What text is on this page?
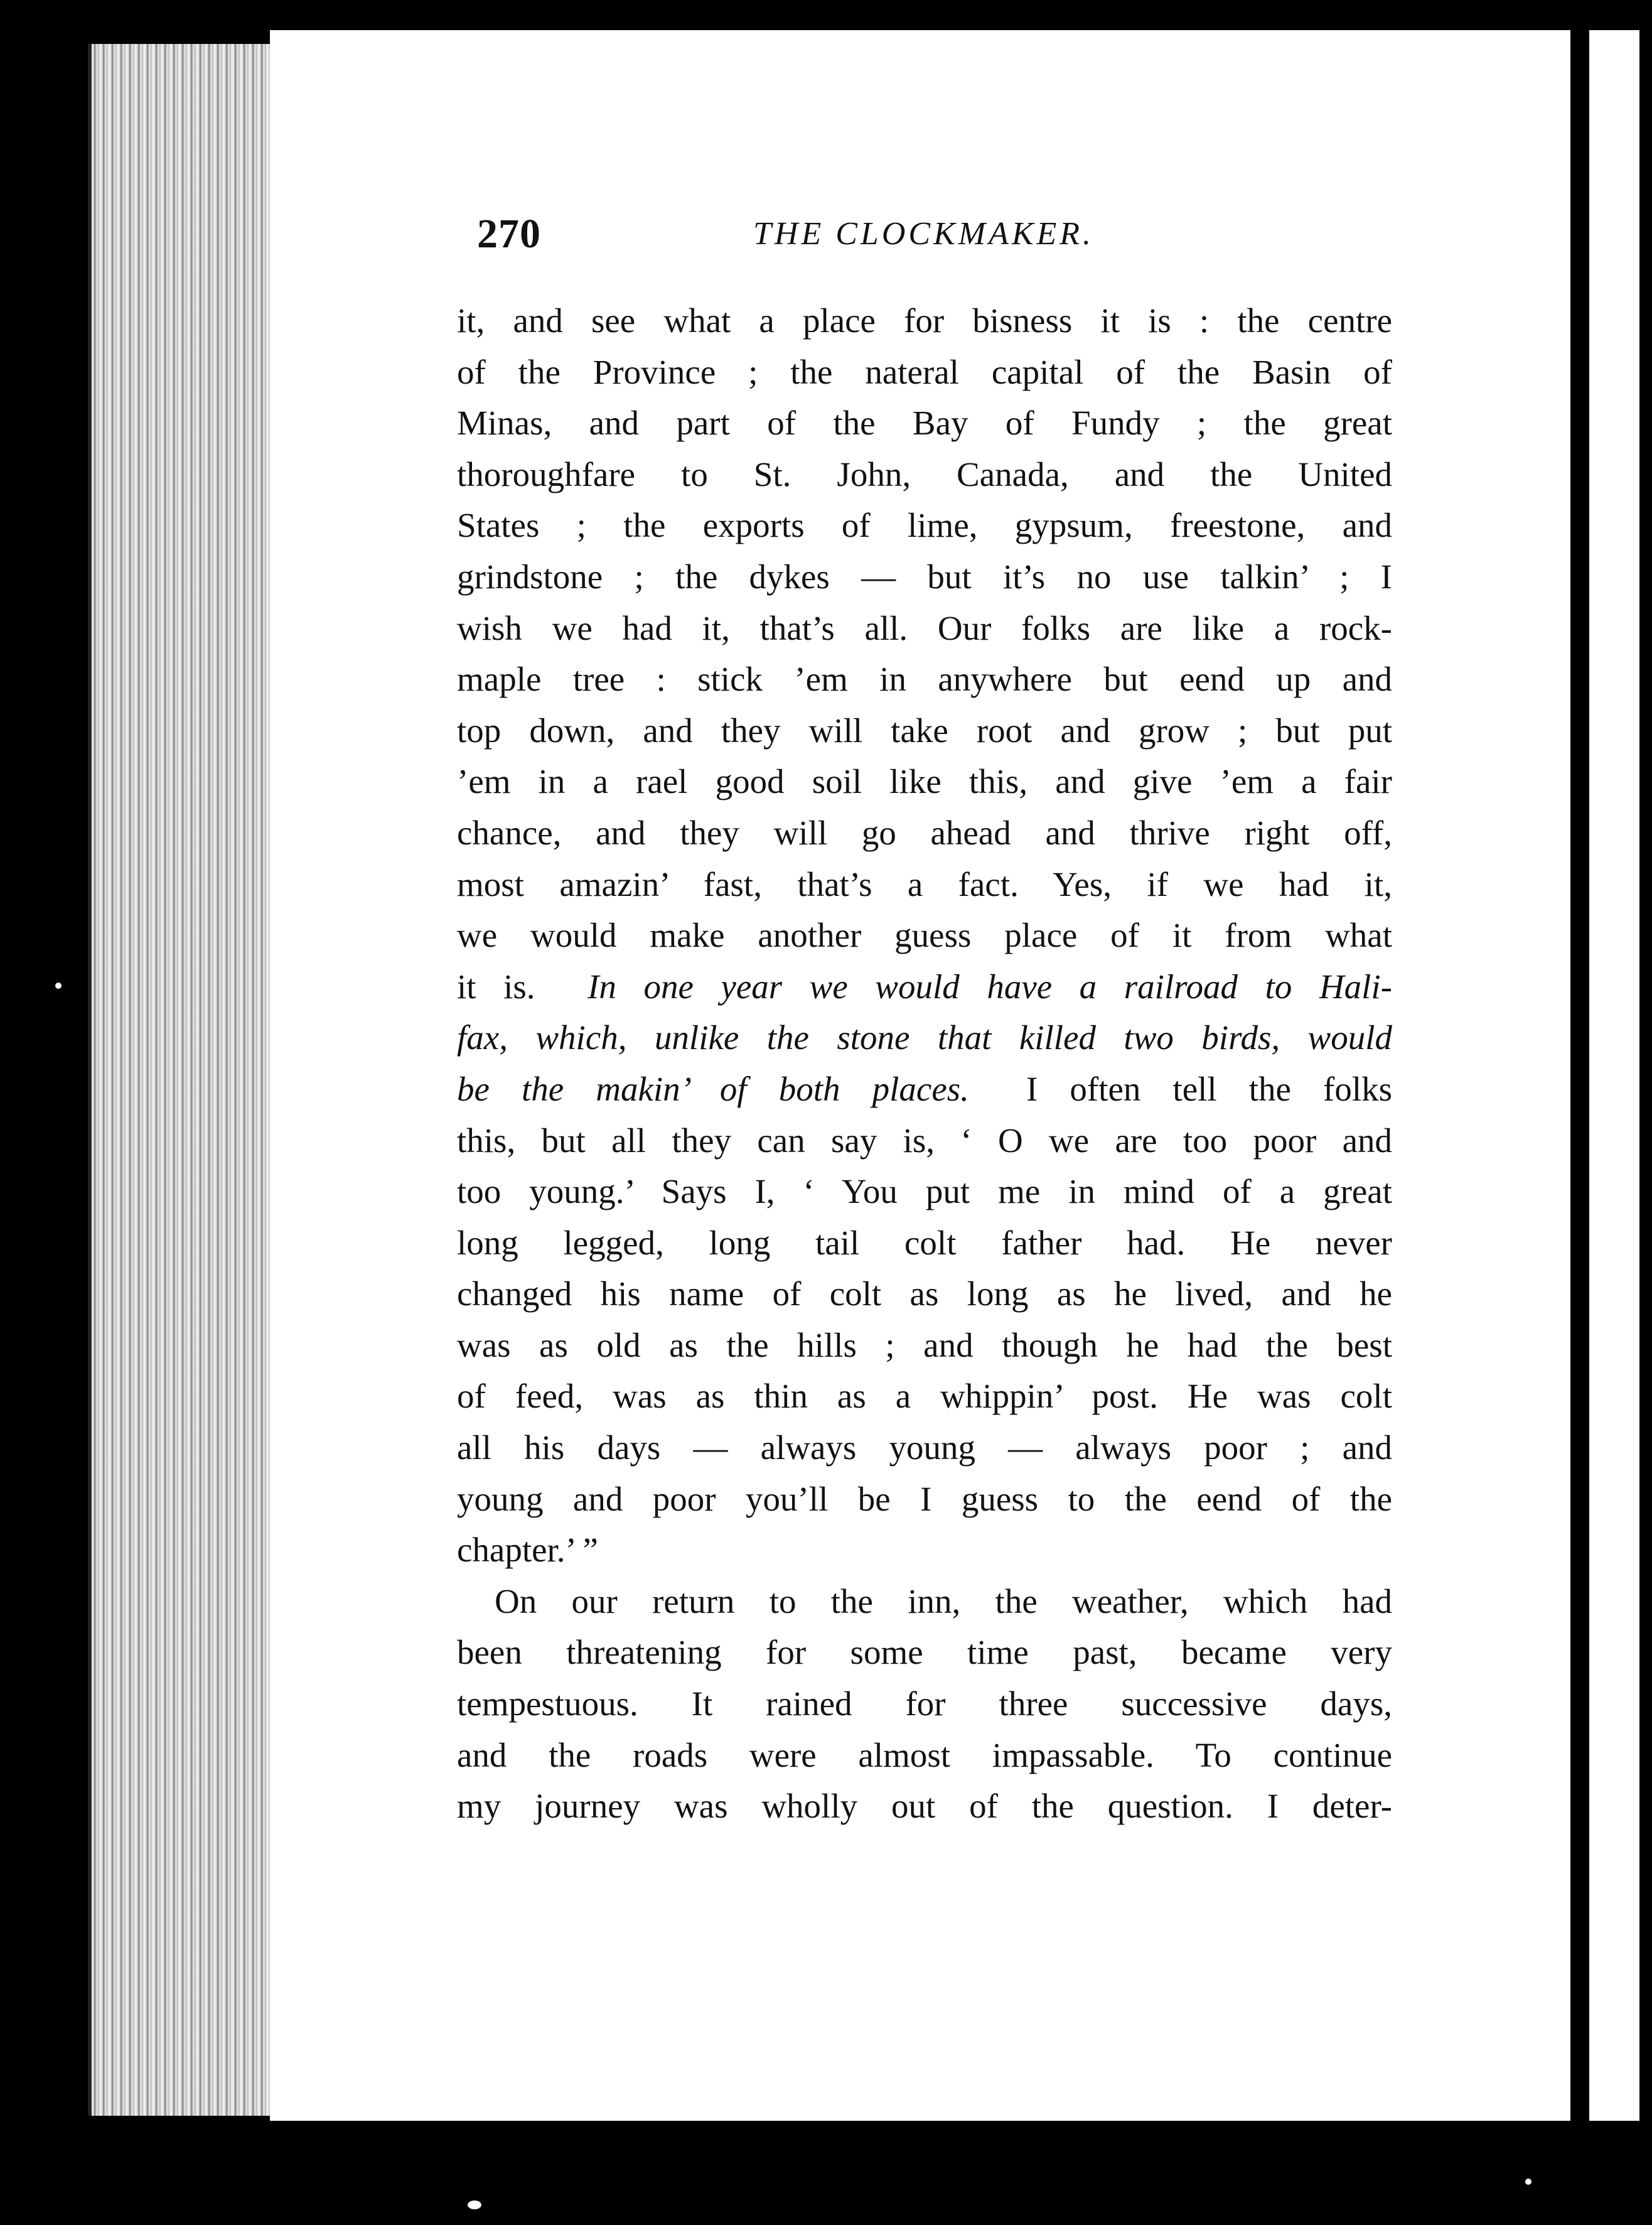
270	THE CLOCKMAKER.
it, and see what a place for bisness it is : the centre
of the Province ; the nateral capital of the Basin of
Minas, and part of the Bay of Fundy ; the great
thoroughfare to St. John, Canada, and the United
States ; the exports of lime, gypsum, freestone, and
grindstone ; the dykes — but it’s no use talkin’ ; I
wish we had it, that’s all. Our folks are like a rock-
maple tree : stick ’em in anywhere but eend up and
top down, and they will take root and grow ; but put
’em in a rael good soil like this, and give ’em a fair
chance, and they will go ahead and thrive right off,
most amazin’ fast, that’s a fact. Yes, if we had it,
we would make another guess place of it from what
it is. In one year we would have a railroad to Hali-
fax, which, unlike the stone that killed two birds, would
be the makin’ of both places. I often tell the folks
this, but all they can say is, ‘ O we are too poor and
too young.’ Says I, ‘ You put me in mind of a great
long legged, long tail colt father had. He never
changed his name of colt as long as he lived, and he
was as old as the hills ; and though he had the best
of feed, was as thin as a whippin’ post. He was colt
all his days — always young — always poor ; and
young and poor you’ll be I guess to the eend of the
chapter.’ ”
On our return to the inn, the weather, which had
been threatening for some time past, became very
tempestuous. It rained for three successive days,
and the roads were almost impassable. To continue
my journey was wholly out of the question. I deter-
